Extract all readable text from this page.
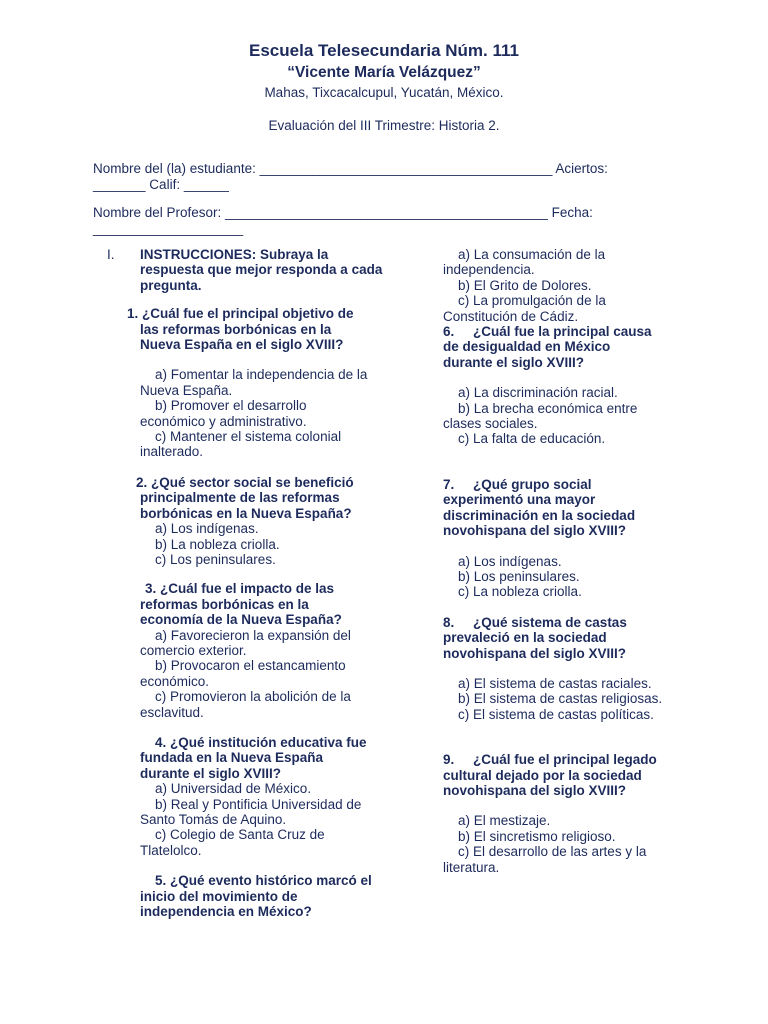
Escuela Telesecundaria Núm. 111

“Vicente María Velázquez”

Mahas, Tixcacalcupul, Yucatán, México.

Evaluación del III Trimestre: Historia 2.

Nombre del (la) estudiante: _______________________________________ Aciertos:

_______ Calif: ______

Nombre del Profesor: ___________________________________________ Fecha:

____________________

I. INSTRUCCIONES: Subraya la respuesta que mejor responda a cada pregunta.

1. ¿Cuál fue el principal objetivo de

las reformas borbónicas en la

Nueva España en el siglo XVIII?

a) Fomentar la independencia de la

Nueva España.

b) Promover el desarrollo

económico y administrativo.

c) Mantener el sistema colonial

inalterado.

2. ¿Qué sector social se benefició

principalmente de las reformas

borbónicas en la Nueva España?

a) Los indígenas.

b) La nobleza criolla.

c) Los peninsulares.

3. ¿Cuál fue el impacto de las

reformas borbónicas en la

economía de la Nueva España?

a) Favorecieron la expansión del

comercio exterior.

b) Provocaron el estancamiento

económico.

c) Promovieron la abolición de la

esclavitud.

4. ¿Qué institución educativa fue

fundada en la Nueva España

durante el siglo XVIII?

a) Universidad de México.

b) Real y Pontificia Universidad de

Santo Tomás de Aquino.

c) Colegio de Santa Cruz de

Tlatelolco.

5. ¿Qué evento histórico marcó el

inicio del movimiento de

independencia en México?

a) La consumación de la

independencia.

b) El Grito de Dolores.

c) La promulgación de la

Constitución de Cádiz.

6. ¿Cuál fue la principal causa

de desigualdad en México

durante el siglo XVIII?

a) La discriminación racial.

b) La brecha económica entre

clases sociales.

c) La falta de educación.

7. ¿Qué grupo social

experimentó una mayor

discriminación en la sociedad

novohispana del siglo XVIII?

a) Los indígenas.

b) Los peninsulares.

c) La nobleza criolla.

8. ¿Qué sistema de castas

prevaleció en la sociedad

novohispana del siglo XVIII?

a) El sistema de castas raciales.

b) El sistema de castas religiosas.

c) El sistema de castas políticas.

9. ¿Cuál fue el principal legado

cultural dejado por la sociedad

novohispana del siglo XVIII?

a) El mestizaje.

b) El sincretismo religioso.

c) El desarrollo de las artes y la

literatura.
